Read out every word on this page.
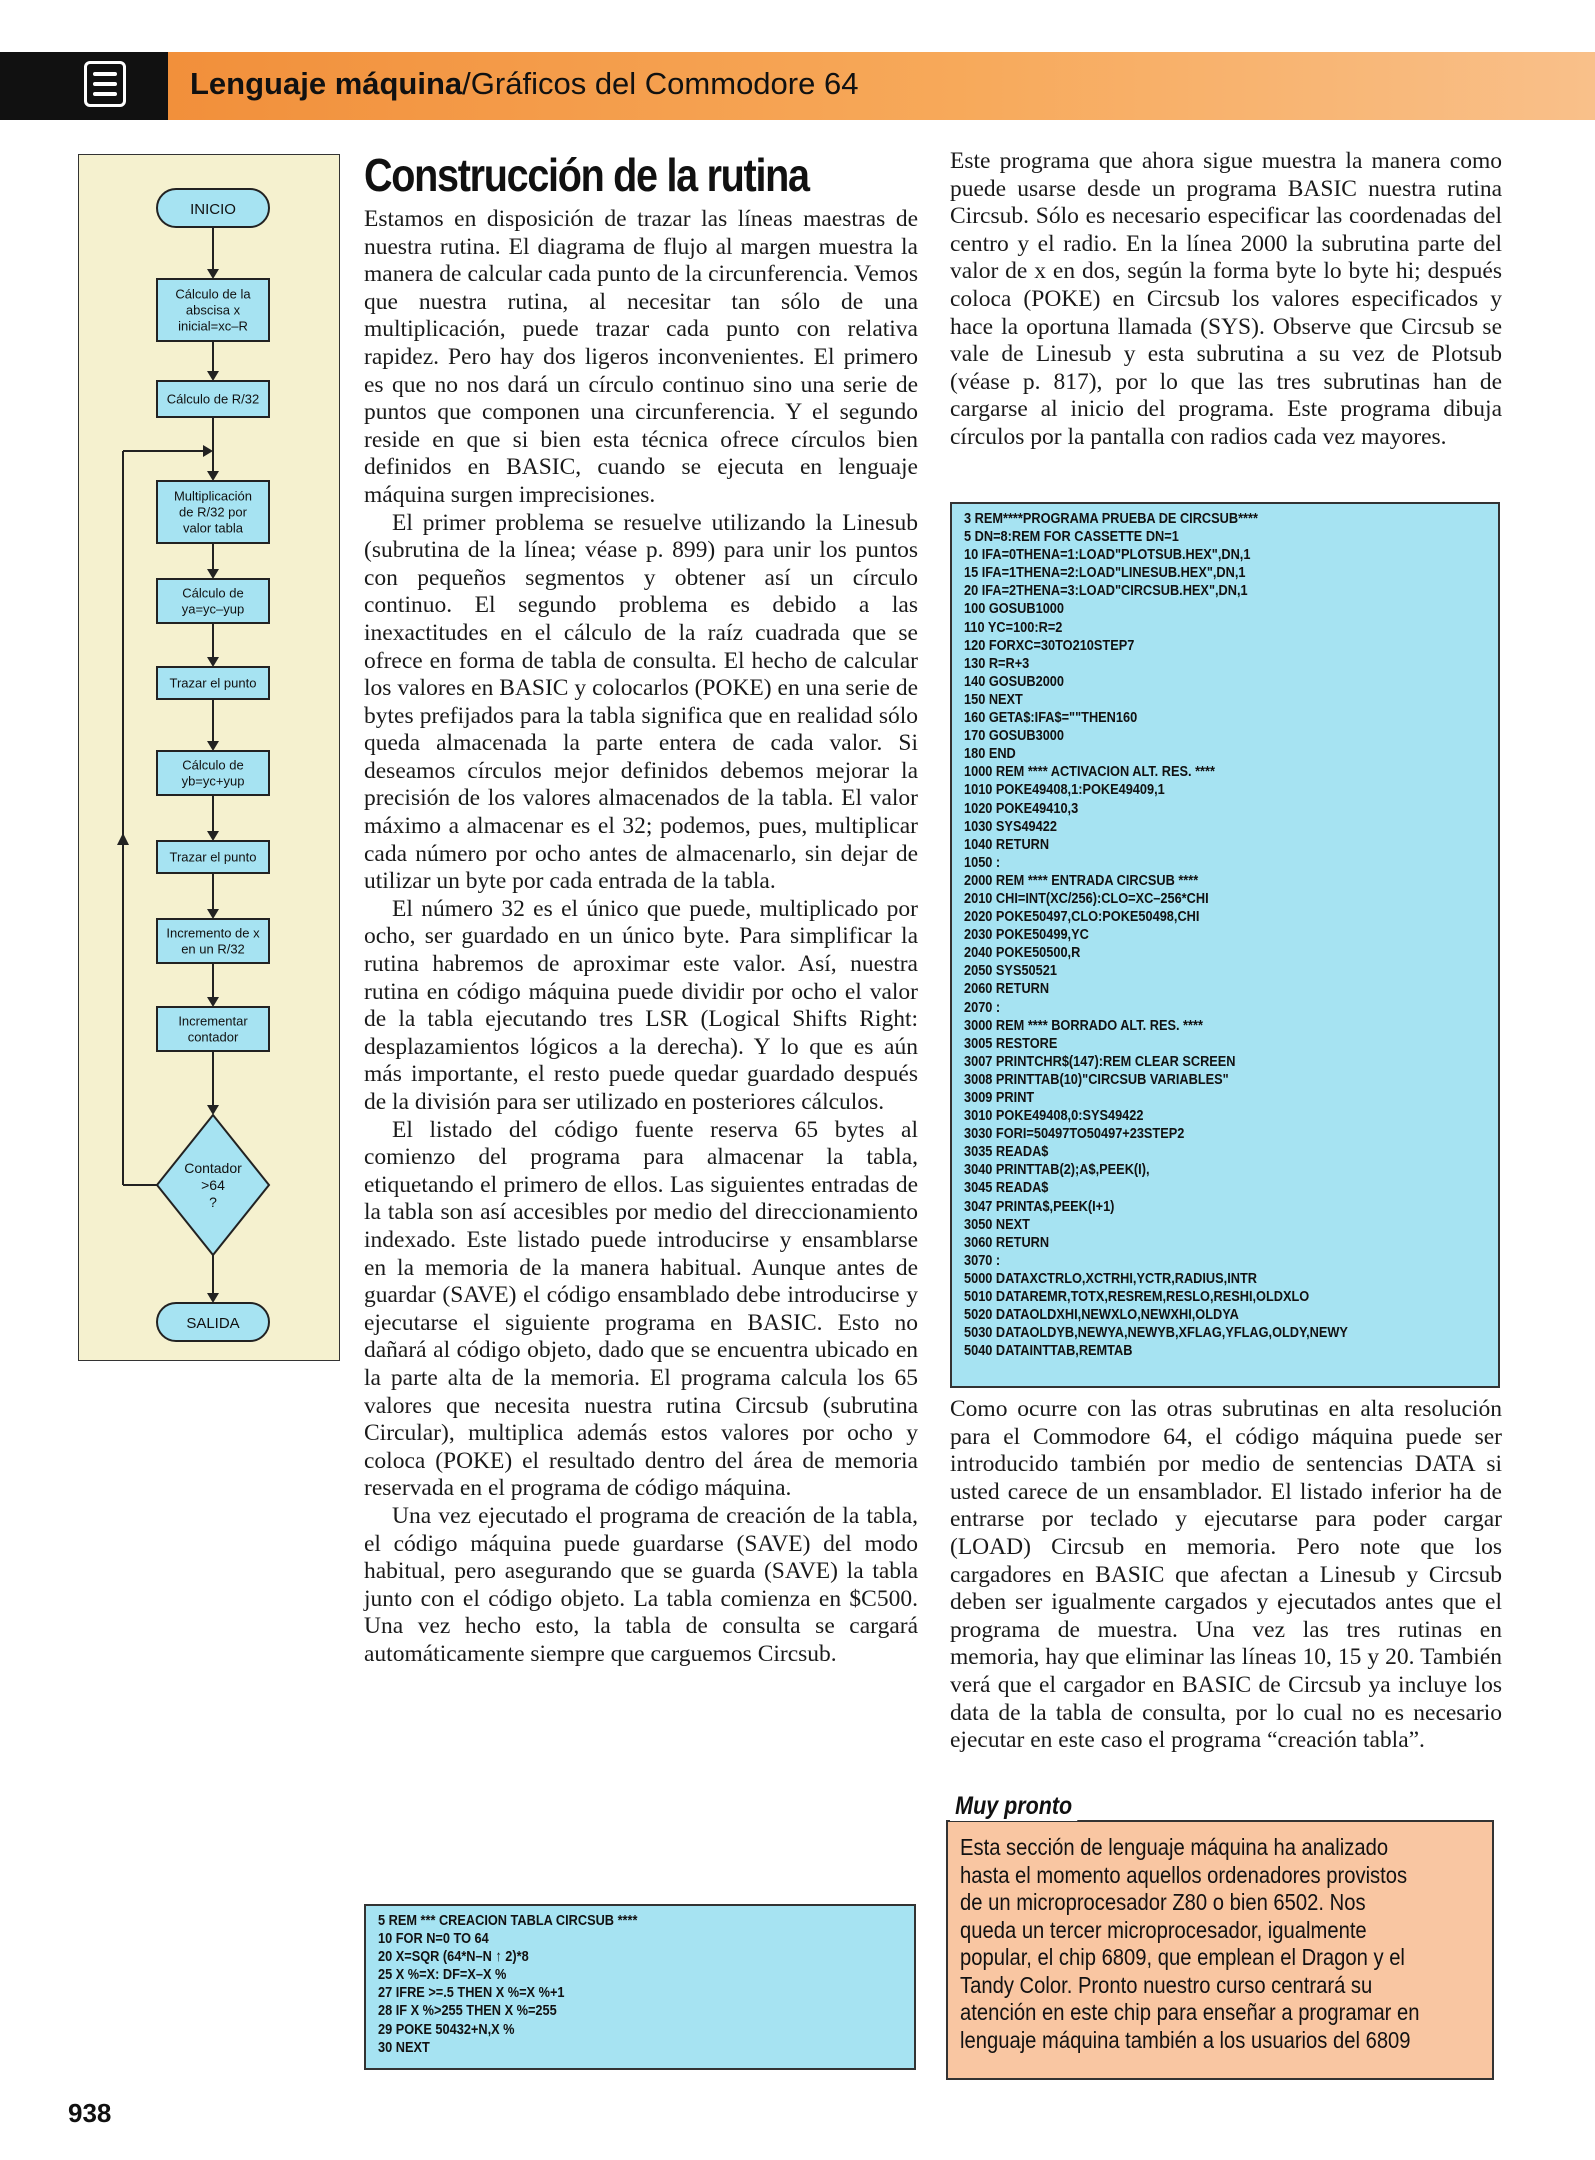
Lenguaje máquina/Gráficos del Commodore 64
INICIO
Cálculo de la
abscisa x
inicial=xc–R
Cálculo de R/32
Multiplicación
de R/32 por
valor tabla
Cálculo de
ya=yc–yup
Trazar el punto
Cálculo de
yb=yc+yup
Trazar el punto
Incremento de x
en un R/32
Incrementar
contador
Contador
>64
?
SALIDA
Construcción de la rutina

Estamos en disposición de trazar las líneas maestras de nuestra rutina. El diagrama de flujo al margen muestra la manera de calcular cada punto de la circunferencia. Vemos que nuestra rutina, al necesitar tan sólo de una multiplicación, puede trazar cada punto con relativa rapidez. Pero hay dos ligeros inconvenientes. El primero es que no nos dará un círculo continuo sino una serie de puntos que componen una circunferencia. Y el segundo reside en que si bien esta técnica ofrece círculos bien definidos en BASIC, cuando se ejecuta en lenguaje máquina surgen imprecisiones.

El primer problema se resuelve utilizando la Linesub (subrutina de la línea; véase p. 899) para unir los puntos con pequeños segmentos y obtener así un círculo continuo. El segundo problema es debido a las inexactitudes en el cálculo de la raíz cuadrada que se ofrece en forma de tabla de consulta. El hecho de calcular los valores en BASIC y colocarlos (POKE) en una serie de bytes prefijados para la tabla significa que en realidad sólo queda almacenada la parte entera de cada valor. Si deseamos círculos mejor definidos debemos mejorar la precisión de los valores almacenados de la tabla. El valor máximo a almacenar es el 32; podemos, pues, multiplicar cada número por ocho antes de almacenarlo, sin dejar de utilizar un byte por cada entrada de la tabla.

El número 32 es el único que puede, multiplicado por ocho, ser guardado en un único byte. Para simplificar la rutina habremos de aproximar este valor. Así, nuestra rutina en código máquina puede dividir por ocho el valor de la tabla ejecutando tres LSR (Logical Shifts Right: desplazamientos lógicos a la derecha). Y lo que es aún más importante, el resto puede quedar guardado después de la división para ser utilizado en posteriores cálculos.

El listado del código fuente reserva 65 bytes al comienzo del programa para almacenar la tabla, etiquetando el primero de ellos. Las siguientes entradas de la tabla son así accesibles por medio del direccionamiento indexado. Este listado puede introducirse y ensamblarse en la memoria de la manera habitual. Aunque antes de guardar (SAVE) el código ensamblado debe introducirse y ejecutarse el siguiente programa en BASIC. Esto no dañará al código objeto, dado que se encuentra ubicado en la parte alta de la memoria. El programa calcula los 65 valores que necesita nuestra rutina Circsub (subrutina Circular), multiplica además estos valores por ocho y coloca (POKE) el resultado dentro del área de memoria reservada en el programa de código máquina.

Una vez ejecutado el programa de creación de la tabla, el código máquina puede guardarse (SAVE) del modo habitual, pero asegurando que se guarda (SAVE) la tabla junto con el código objeto. La tabla comienza en $C500. Una vez hecho esto, la tabla de consulta se cargará automáticamente siempre que carguemos Circsub.

Este programa que ahora sigue muestra la manera como puede usarse desde un programa BASIC nuestra rutina Circsub. Sólo es necesario especificar las coordenadas del centro y el radio. En la línea 2000 la subrutina parte del valor de x en dos, según la forma byte lo byte hi; después coloca (POKE) en Circsub los valores especificados y hace la oportuna llamada (SYS). Observe que Circsub se vale de Linesub y esta subrutina a su vez de Plotsub (véase p. 817), por lo que las tres subrutinas han de cargarse al inicio del programa. Este programa dibuja círculos por la pantalla con radios cada vez mayores.

3 REM****PROGRAMA PRUEBA DE CIRCSUB****
5 DN=8:REM FOR CASSETTE DN=1
10 IFA=0THENA=1:LOAD"PLOTSUB.HEX",DN,1
15 IFA=1THENA=2:LOAD"LINESUB.HEX",DN,1
20 IFA=2THENA=3:LOAD"CIRCSUB.HEX",DN,1
100 GOSUB1000
110 YC=100:R=2
120 FORXC=30TO210STEP7
130 R=R+3
140 GOSUB2000
150 NEXT
160 GETA$:IFA$=""THEN160
170 GOSUB3000
180 END
1000 REM **** ACTIVACION ALT. RES. ****
1010 POKE49408,1:POKE49409,1
1020 POKE49410,3
1030 SYS49422
1040 RETURN
1050 :
2000 REM **** ENTRADA CIRCSUB ****
2010 CHI=INT(XC/256):CLO=XC–256*CHI
2020 POKE50497,CLO:POKE50498,CHI
2030 POKE50499,YC
2040 POKE50500,R
2050 SYS50521
2060 RETURN
2070 :
3000 REM **** BORRADO ALT. RES. ****
3005 RESTORE
3007 PRINTCHR$(147):REM CLEAR SCREEN
3008 PRINTTAB(10)"CIRCSUB VARIABLES"
3009 PRINT
3010 POKE49408,0:SYS49422
3030 FORI=50497TO50497+23STEP2
3035 READA$
3040 PRINTTAB(2);A$,PEEK(I),
3045 READA$
3047 PRINTA$,PEEK(I+1)
3050 NEXT
3060 RETURN
3070 :
5000 DATAXCTRLO,XCTRHI,YCTR,RADIUS,INTR
5010 DATAREMR,TOTX,RESREM,RESLO,RESHI,OLDXLO
5020 DATAOLDXHI,NEWXLO,NEWXHI,OLDYA
5030 DATAOLDYB,NEWYA,NEWYB,XFLAG,YFLAG,OLDY,NEWY
5040 DATAINTTAB,REMTAB

Como ocurre con las otras subrutinas en alta resolución para el Commodore 64, el código máquina puede ser introducido también por medio de sentencias DATA si usted carece de un ensamblador. El listado inferior ha de entrarse por teclado y ejecutarse para poder cargar (LOAD) Circsub en memoria. Pero note que los cargadores en BASIC que afectan a Linesub y Circsub deben ser igualmente cargados y ejecutados antes que el programa de muestra. Una vez las tres rutinas en memoria, hay que eliminar las líneas 10, 15 y 20. También verá que el cargador en BASIC de Circsub ya incluye los data de la tabla de consulta, por lo cual no es necesario ejecutar en este caso el programa “creación tabla”.

5 REM *** CREACION TABLA CIRCSUB ****
10 FOR N=0 TO 64
20 X=SQR (64*N–N ↑ 2)*8
25 X %=X: DF=X–X %
27 IFRE >=.5 THEN X %=X %+1
28 IF X %>255 THEN X %=255
29 POKE 50432+N,X %
30 NEXT
Muy pronto
Esta sección de lenguaje máquina ha analizado
hasta el momento aquellos ordenadores provistos
de un microprocesador Z80 o bien 6502. Nos
queda un tercer microprocesador, igualmente
popular, el chip 6809, que emplean el Dragon y el
Tandy Color. Pronto nuestro curso centrará su
atención en este chip para enseñar a programar en
lenguaje máquina también a los usuarios del 6809
938
